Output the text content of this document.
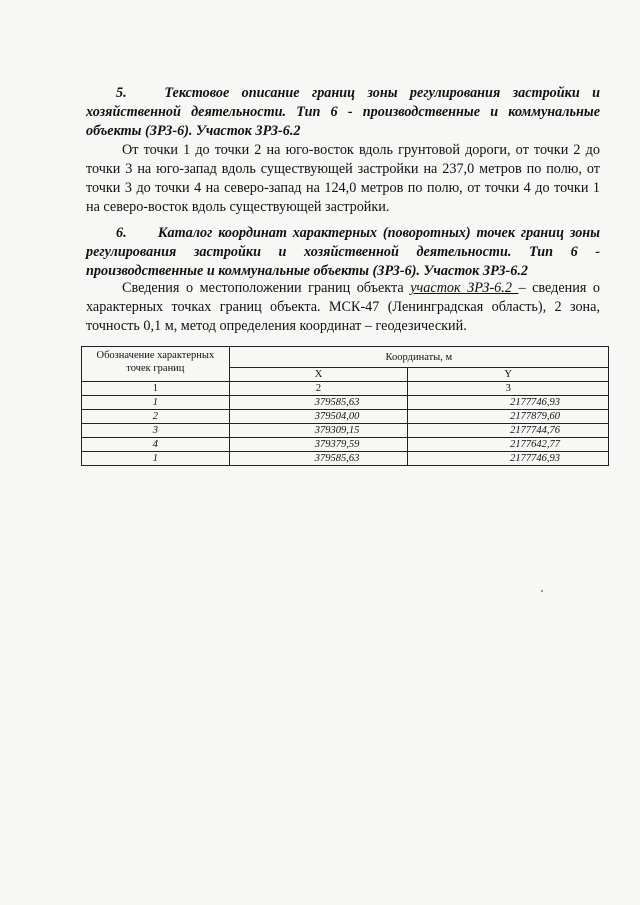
5.	Текстовое описание границ зоны регулирования застройки и хозяйственной деятельности. Тип 6 - производственные и коммунальные объекты (ЗРЗ-6). Участок ЗРЗ-6.2
От точки 1 до точки 2 на юго-восток вдоль грунтовой дороги, от точки 2 до точки 3 на юго-запад вдоль существующей застройки на 237,0 метров по полю, от точки 3 до точки 4 на северо-запад на 124,0 метров по полю, от точки 4 до точки 1 на северо-восток вдоль существующей застройки.
6. Каталог координат характерных (поворотных) точек границ зоны регулирования застройки и хозяйственной деятельности. Тип 6 - производственные и коммунальные объекты (ЗРЗ-6). Участок ЗРЗ-6.2
Сведения о местоположении границ объекта участок ЗРЗ-6.2 – сведения о характерных точках границ объекта. МСК-47 (Ленинградская область), 2 зона, точность 0,1 м, метод определения координат – геодезический.
Обозначение характерных точек границ	Координаты, м	
	X	Y
1	2	3
1	379585,63	2177746,93
2	379504,00	2177879,60
3	379309,15	2177744,76
4	379379,59	2177642,77
1	379585,63	2177746,93
